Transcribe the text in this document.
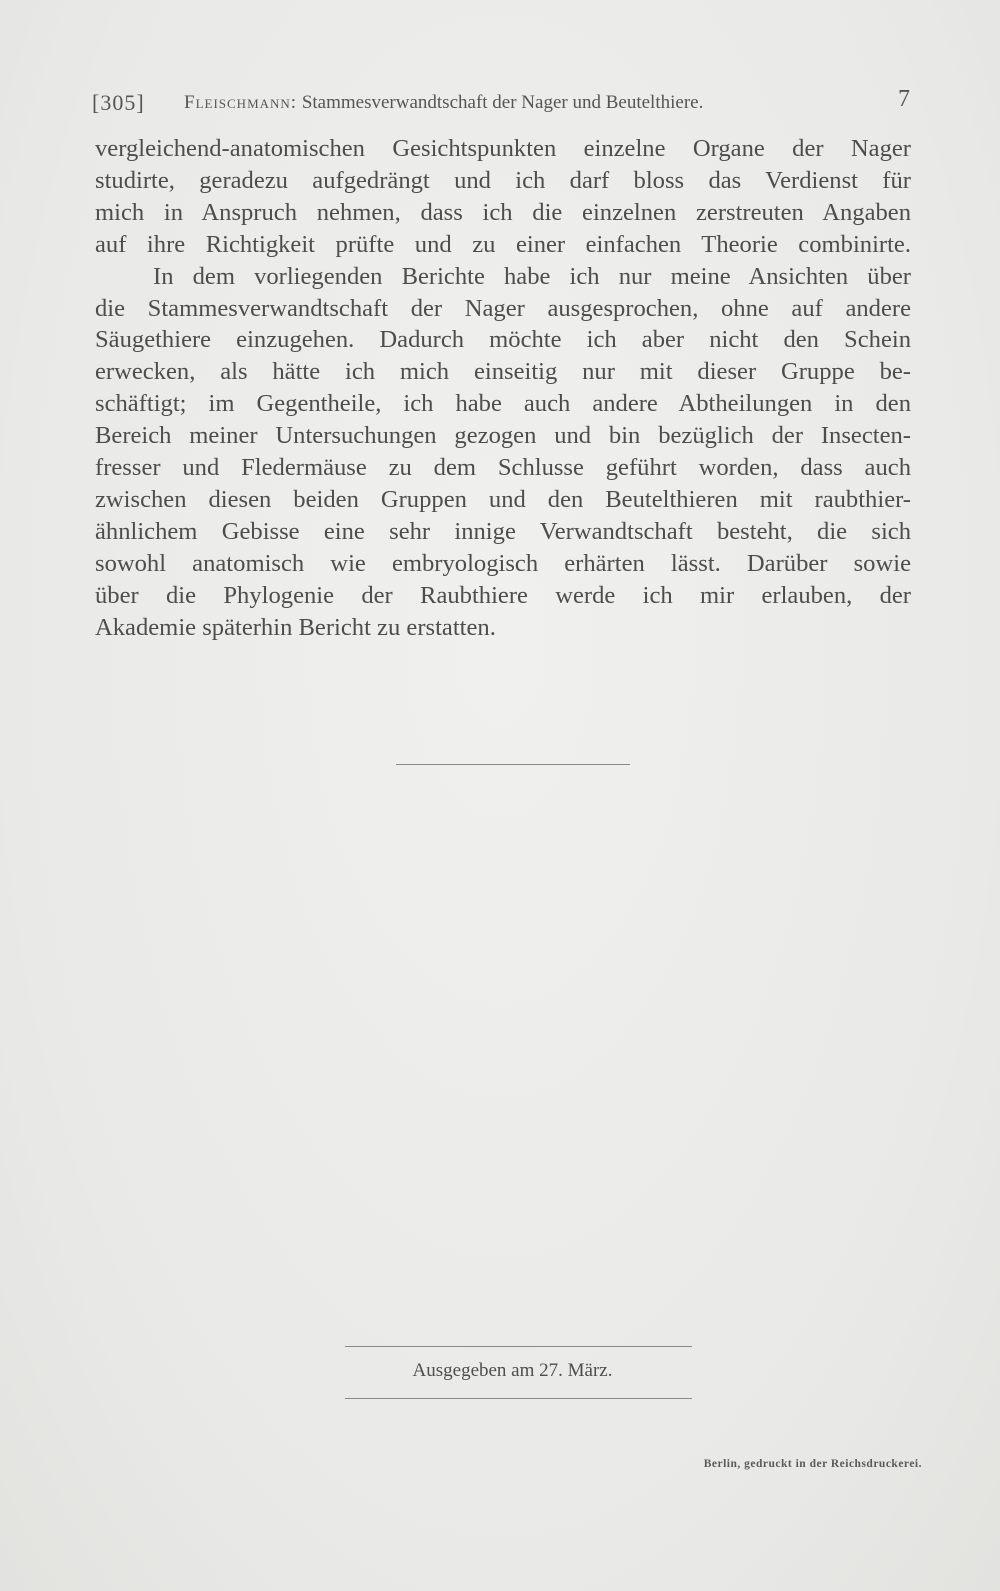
[305] Fleischmann: Stammesverwandtschaft der Nager und Beutelthiere.	7

vergleichend-anatomischen Gesichtspunkten einzelne Organe der Nager
studirte, geradezu aufgedrängt und ich darf bloss das Verdienst für
mich in Anspruch nehmen, dass ich die einzelnen zerstreuten Angaben
auf ihre Richtigkeit prüfte und zu einer einfachen Theorie combinirte.

In dem vorliegenden Berichte habe ich nur meine Ansichten über
die Stammesverwandtschaft der Nager ausgesprochen, ohne auf andere
Säugethiere einzugehen. Dadurch möchte ich aber nicht den Schein
erwecken, als hätte ich mich einseitig nur mit dieser Gruppe be-
schäftigt; im Gegentheile, ich habe auch andere Abtheilungen in den
Bereich meiner Untersuchungen gezogen und bin bezüglich der Insecten-
fresser und Fledermäuse zu dem Schlusse geführt worden, dass auch
zwischen diesen beiden Gruppen und den Beutelthieren mit raubthier-
ähnlichem Gebisse eine sehr innige Verwandtschaft besteht, die sich
sowohl anatomisch wie embryologisch erhärten lässt. Darüber sowie
über die Phylogenie der Raubthiere werde ich mir erlauben, der
Akademie späterhin Bericht zu erstatten.

Ausgegeben am 27. März.
Berlin, gedruckt in der Reichsdruckerei.
